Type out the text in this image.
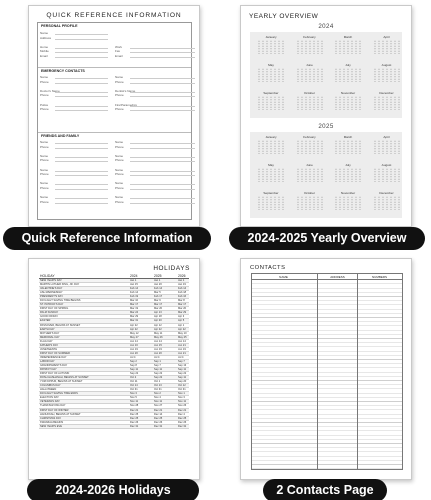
QUICK REFERENCE INFORMATION
PERSONAL PROFILE
Name
Address
Home	Work
Mobile	Fax
Email	Email
EMERGENCY CONTACTS
Name	Name
Phone	Phone
Doctor's Name	Dentist's Name
Phone	Phone
Police	Fire/Paramedics
Phone	Phone
FRIENDS AND FAMILY
Name	Name
Phone	Phone
Name	Name
Phone	Phone
Name	Name
Phone	Phone
Name	Name
Phone	Phone
Name	Name
Phone	Phone
Quick Reference Information
YEARLY OVERVIEW
2024
January	February	March	April
May	June	July	August
September	October	November	December
2025
January	February	March	April
May	June	July	August
September	October	November	December
2024-2025 Yearly Overview
HOLIDAYS
HOLIDAY	2024	2025	2026
NEW YEAR'S DAY	Jan 1	Jan 1	Jan 1
MARTIN LUTHER KING, JR. DAY	Jan 15	Jan 20	Jan 19
VALENTINE'S DAY	Feb 14	Feb 14	Feb 14
ASH WEDNESDAY	Feb 14	Mar 5	Feb 18
PRESIDENT'S DAY	Feb 19	Feb 17	Feb 16
DAYLIGHT SAVING TIME BEGINS	Mar 10	Mar 9	Mar 8
ST. PATRICK'S DAY	Mar 17	Mar 17	Mar 17
FIRST DAY OF SPRING	Mar 19	Mar 20	Mar 20
PALM SUNDAY	Mar 24	Apr 13	Mar 29
GOOD FRIDAY	Mar 29	Apr 18	Apr 3
EASTER	Mar 31	Apr 20	Apr 5
PASSOVER, BEGINS AT SUNSET	Apr 22	Apr 12	Apr 1
EARTH DAY	Apr 22	Apr 22	Apr 22
MOTHER'S DAY	May 12	May 11	May 10
MEMORIAL DAY	May 27	May 26	May 25
FLAG DAY	Jun 14	Jun 14	Jun 14
FATHER'S DAY	Jun 16	Jun 15	Jun 21
JUNETEENTH	Jun 19	Jun 19	Jun 19
FIRST DAY OF SUMMER	Jun 20	Jun 20	Jun 21
INDEPENDENCE DAY	Jul 4	Jul 4	Jul 4
LABOR DAY	Sep 2	Sep 1	Sep 7
GRANDPARENTS DAY	Sep 8	Sep 7	Sep 13
PATRIOT DAY	Sep 11	Sep 11	Sep 11
FIRST DAY OF AUTUMN	Sep 22	Sep 22	Sep 22
ROSH HASHANAH, BEGINS AT SUNSET	Oct 2	Sep 22	Sep 11
YOM KIPPUR, BEGINS AT SUNSET	Oct 11	Oct 1	Sep 20
COLUMBUS DAY	Oct 14	Oct 13	Oct 12
HALLOWEEN	Oct 31	Oct 31	Oct 31
DAYLIGHT SAVING TIME ENDS	Nov 3	Nov 2	Nov 1
ELECTION DAY	Nov 5	Nov 4	Nov 3
VETERANS DAY	Nov 11	Nov 11	Nov 11
THANKSGIVING DAY	Nov 28	Nov 27	Nov 26
FIRST DAY OF WINTER	Dec 21	Dec 21	Dec 21
HANUKKAH, BEGINS AT SUNSET	Dec 25	Dec 14	Dec 4
CHRISTMAS DAY	Dec 25	Dec 25	Dec 25
KWANZAA BEGINS	Dec 26	Dec 26	Dec 26
NEW YEAR'S EVE	Dec 31	Dec 31	Dec 31
2024-2026 Holidays
CONTACTS
NAME	ADDRESS	NUMBERS
2 Contacts Page
